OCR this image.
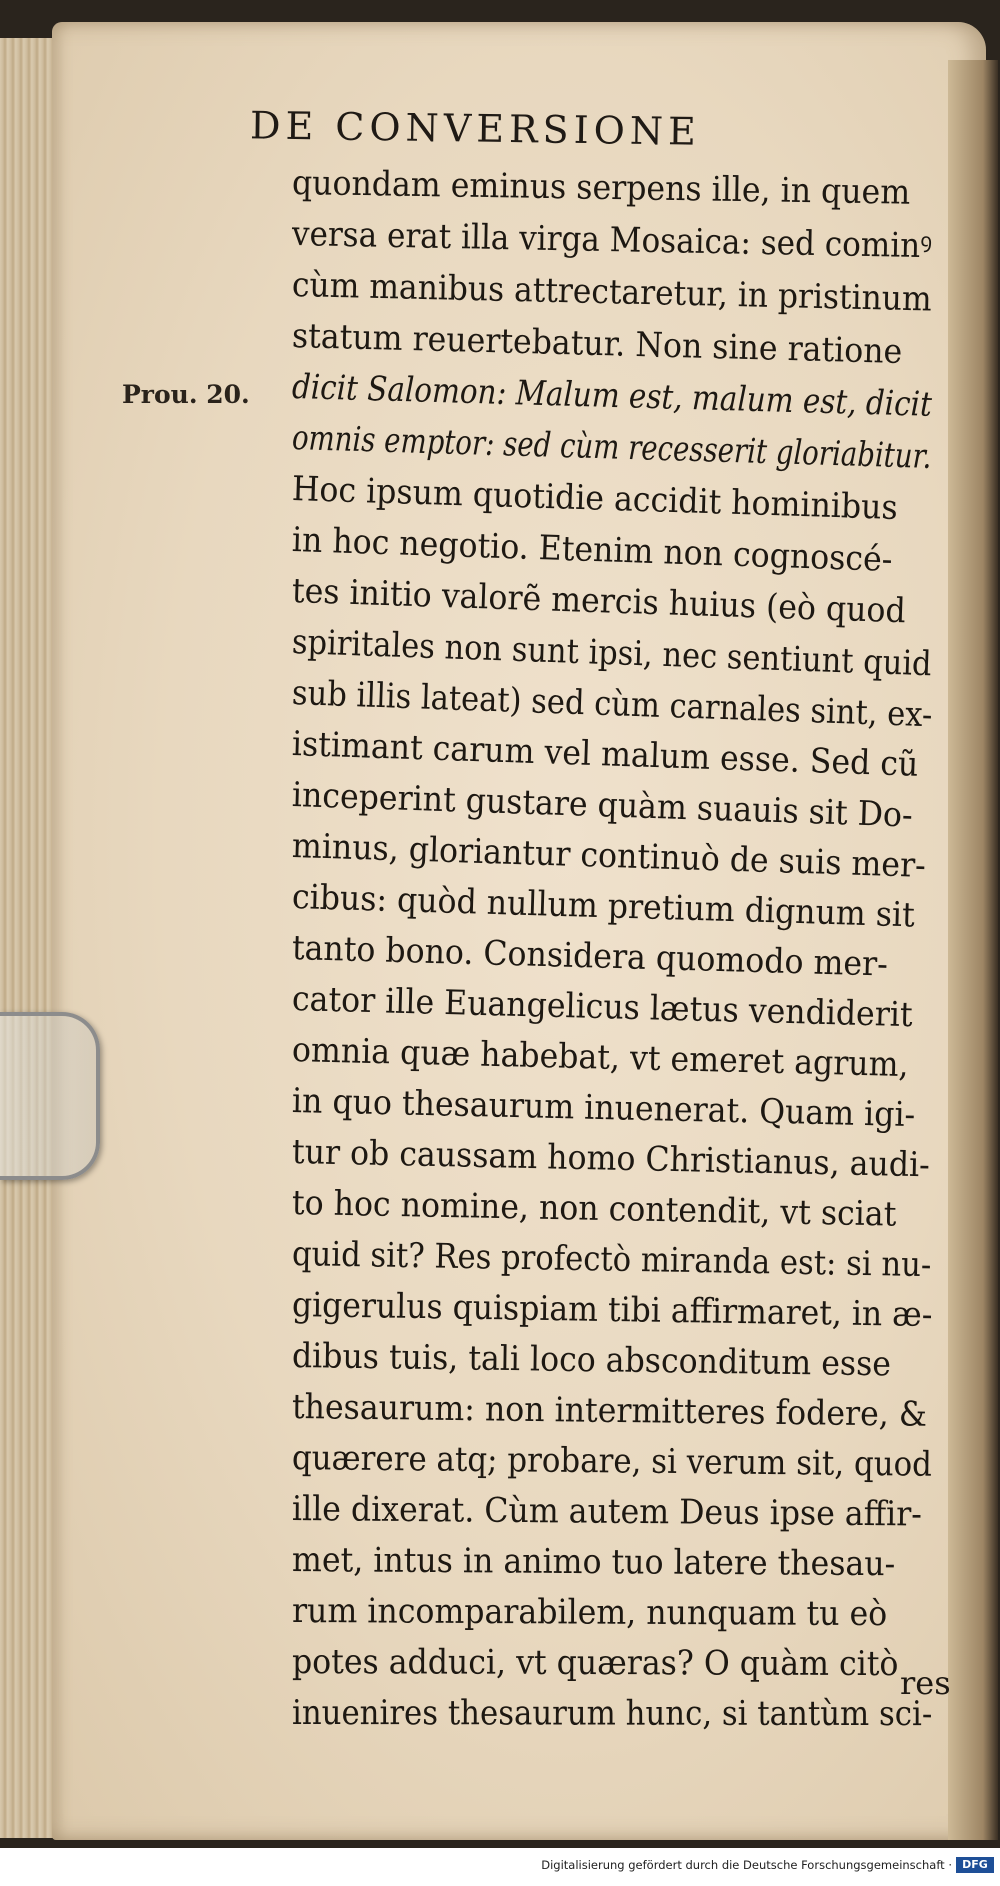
DE CONVERSIONE
Prou. 20.
quondam eminus serpens ille, in quem
versa erat illa virga Mosaica: sed cominꝰ
cùm manibus attrectaretur, in pristinum
statum reuertebatur. Non sine ratione
dicit Salomon: Malum est, malum est, dicit
omnis emptor: sed cùm recesserit gloriabitur.
Hoc ipsum quotidie accidit hominibus
in hoc negotio. Etenim non cognoscé-
tes initio valorẽ mercis huius (eò quod
spiritales non sunt ipsi, nec sentiunt quid
sub illis lateat) sed cùm carnales sint, ex-
istimant carum vel malum esse. Sed cũ
inceperint gustare quàm suauis sit Do-
minus, gloriantur continuò de suis mer-
cibus: quòd nullum pretium dignum sit
tanto bono. Considera quomodo mer-
cator ille Euangelicus lætus vendiderit
omnia quæ habebat, vt emeret agrum,
in quo thesaurum inuenerat. Quam igi-
tur ob caussam homo Christianus, audi-
to hoc nomine, non contendit, vt sciat
quid sit? Res profectò miranda est: si nu-
gigerulus quispiam tibi affirmaret, in æ-
dibus tuis, tali loco absconditum esse
thesaurum: non intermitteres fodere, &
quærere atq; probare, si verum sit, quod
ille dixerat. Cùm autem Deus ipse affir-
met, intus in animo tuo latere thesau-
rum incomparabilem, nunquam tu eò
potes adduci, vt quæras? O quàm citò
inuenires thesaurum hunc, si tantùm sci-
res
Digitalisierung gefördert durch die Deutsche Forschungsgemeinschaft · DFG
